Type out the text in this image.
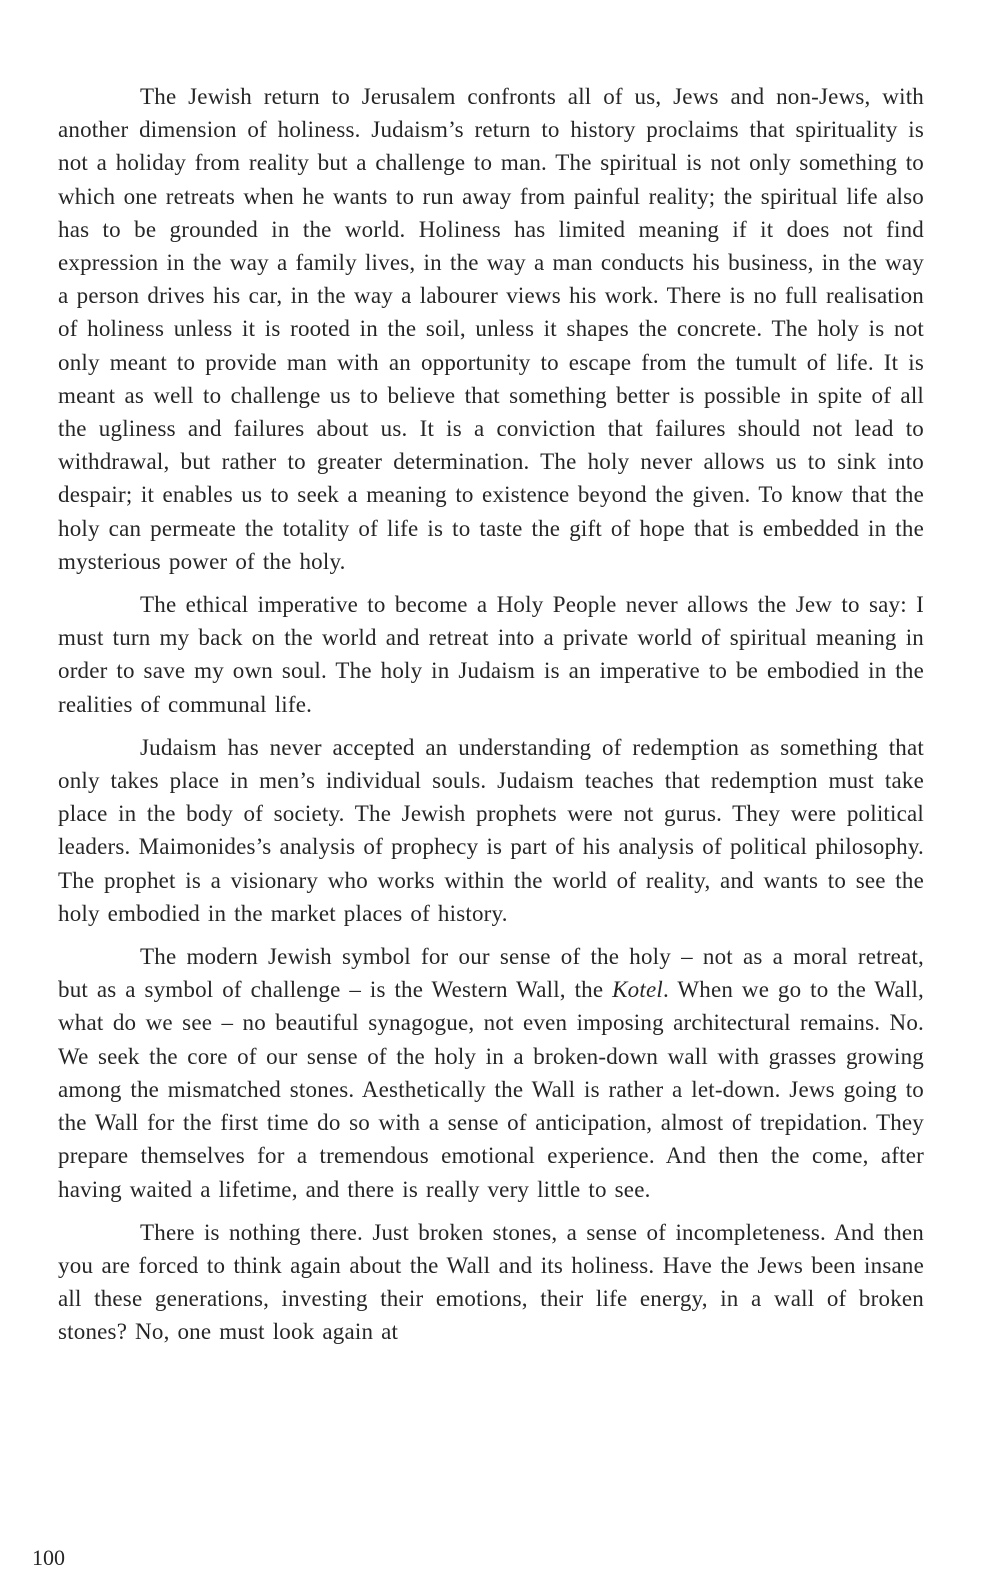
The Jewish return to Jerusalem confronts all of us, Jews and non-Jews, with another dimension of holiness. Judaism’s return to history proclaims that spirituality is not a holiday from reality but a challenge to man. The spiritual is not only something to which one retreats when he wants to run away from painful reality; the spiritual life also has to be grounded in the world. Holiness has limited meaning if it does not find expression in the way a family lives, in the way a man conducts his business, in the way a person drives his car, in the way a labourer views his work. There is no full realisation of holiness unless it is rooted in the soil, unless it shapes the concrete. The holy is not only meant to provide man with an opportunity to escape from the tumult of life. It is meant as well to challenge us to believe that something better is possible in spite of all the ugliness and failures about us. It is a conviction that failures should not lead to withdrawal, but rather to greater determination. The holy never allows us to sink into despair; it enables us to seek a meaning to existence beyond the given. To know that the holy can permeate the totality of life is to taste the gift of hope that is embedded in the mysterious power of the holy.

The ethical imperative to become a Holy People never allows the Jew to say: I must turn my back on the world and retreat into a private world of spiritual meaning in order to save my own soul. The holy in Judaism is an imperative to be embodied in the realities of communal life.

Judaism has never accepted an understanding of redemption as something that only takes place in men’s individual souls. Judaism teaches that redemption must take place in the body of society. The Jewish prophets were not gurus. They were political leaders. Maimonides’s analysis of prophecy is part of his analysis of political philosophy. The prophet is a visionary who works within the world of reality, and wants to see the holy embodied in the market places of history.

The modern Jewish symbol for our sense of the holy – not as a moral retreat, but as a symbol of challenge – is the Western Wall, the Kotel. When we go to the Wall, what do we see – no beautiful synagogue, not even imposing architectural remains. No. We seek the core of our sense of the holy in a broken-down wall with grasses growing among the mismatched stones. Aesthetically the Wall is rather a let-down. Jews going to the Wall for the first time do so with a sense of anticipation, almost of trepidation. They prepare themselves for a tremendous emotional experience. And then the come, after having waited a lifetime, and there is really very little to see.

There is nothing there. Just broken stones, a sense of incompleteness. And then you are forced to think again about the Wall and its holiness. Have the Jews been insane all these generations, investing their emotions, their life energy, in a wall of broken stones? No, one must look again at

100
